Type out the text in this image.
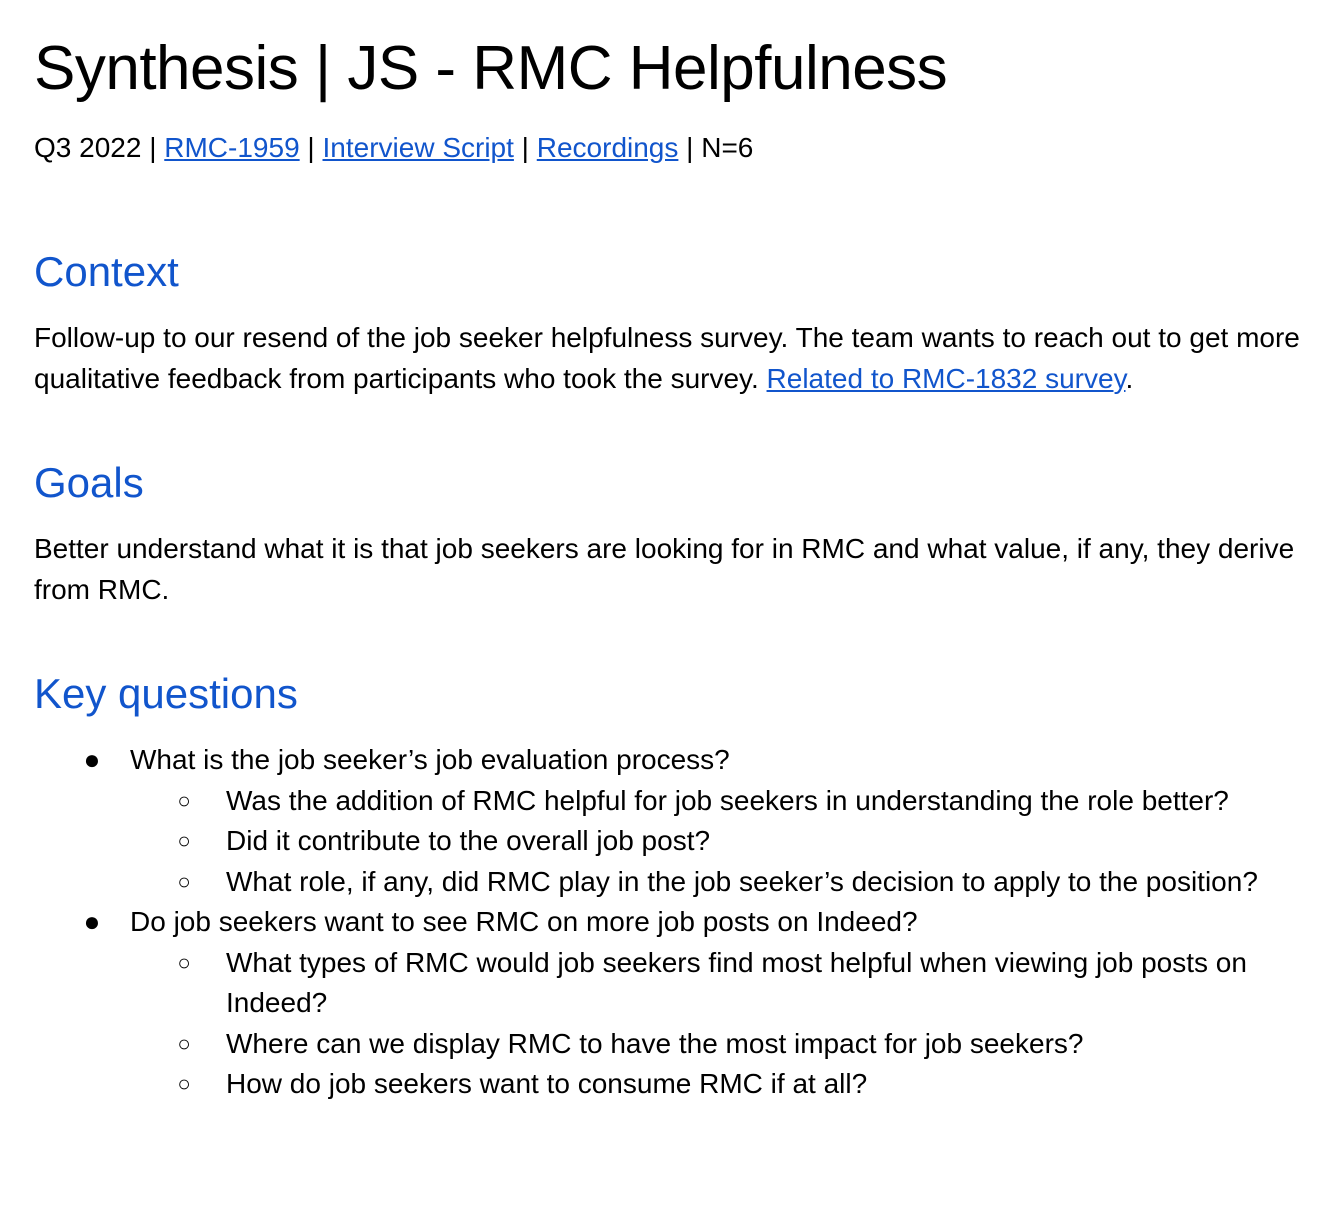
Synthesis | JS - RMC Helpfulness
Q3 2022 | RMC-1959 | Interview Script | Recordings | N=6
Context
Follow-up to our resend of the job seeker helpfulness survey. The team wants to reach out to get more qualitative feedback from participants who took the survey. Related to RMC-1832 survey.
Goals
Better understand what it is that job seekers are looking for in RMC and what value, if any, they derive from RMC.
Key questions
● What is the job seeker’s job evaluation process?
○ Was the addition of RMC helpful for job seekers in understanding the role better?
○ Did it contribute to the overall job post?
○ What role, if any, did RMC play in the job seeker’s decision to apply to the position?
● Do job seekers want to see RMC on more job posts on Indeed?
○ What types of RMC would job seekers find most helpful when viewing job posts on Indeed?
○ Where can we display RMC to have the most impact for job seekers?
○ How do job seekers want to consume RMC if at all?
